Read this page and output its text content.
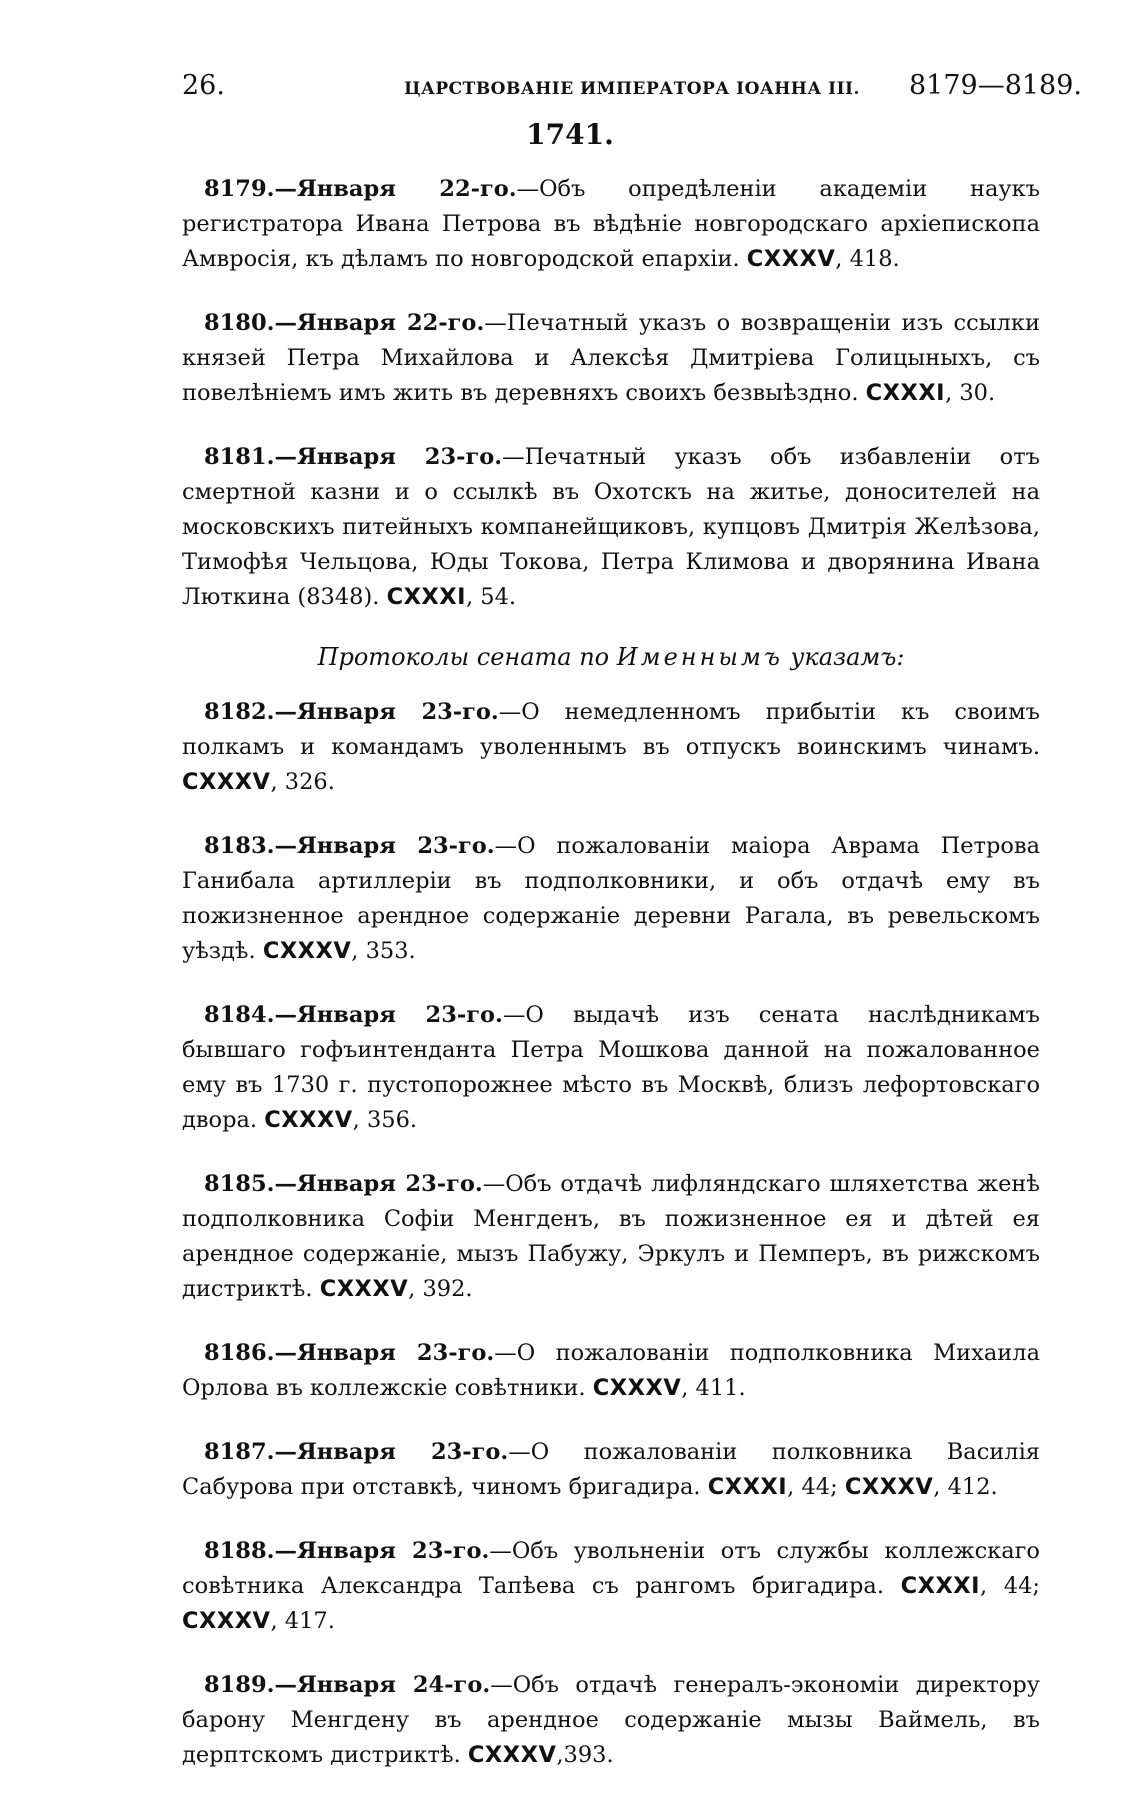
26.	ЦАРСТВОВАНІЕ ИМПЕРАТОРА ІОАННА III.	8179—8189.
1741.

8179.—Января 22-го.—Объ опредѣленіи академіи наукъ регистратора Ивана Петрова въ вѣдѣніе новгородскаго архіепископа Амвросія, къ дѣламъ по новгородской епархіи. CXXXV, 418.

8180.—Января 22-го.—Печатный указъ о возвращеніи изъ ссылки князей Петра Михайлова и Алексѣя Дмитріева Голицыныхъ, съ повелѣніемъ имъ жить въ деревняхъ своихъ безвыѣздно. CXXXI, 30.

8181.—Января 23-го.—Печатный указъ объ избавленіи отъ смертной казни и о ссылкѣ въ Охотскъ на житье, доносителей на московскихъ питейныхъ компанейщиковъ, купцовъ Дмитрія Желѣзова, Тимофѣя Чельцова, Юды Токова, Петра Климова и дворянина Ивана Люткина (8348). CXXXI, 54.

Протоколы сената по Именнымъ указамъ:

8182.—Января 23-го.—О немедленномъ прибытіи къ своимъ полкамъ и командамъ уволеннымъ въ отпускъ воинскимъ чинамъ. CXXXV, 326.

8183.—Января 23-го.—О пожалованіи маіора Аврама Петрова Ганибала артиллеріи въ подполковники, и объ отдачѣ ему въ пожизненное арендное содержаніе деревни Рагала, въ ревельскомъ уѣздѣ. CXXXV, 353.

8184.—Января 23-го.—О выдачѣ изъ сената наслѣдникамъ бывшаго гофъинтенданта Петра Мошкова данной на пожалованное ему въ 1730 г. пустопорожнее мѣсто въ Москвѣ, близъ лефортовскаго двора. CXXXV, 356.

8185.—Января 23-го.—Объ отдачѣ лифляндскаго шляхетства женѣ подполковника Софіи Менгденъ, въ пожизненное ея и дѣтей ея арендное содержаніе, мызъ Пабужу, Эркулъ и Пемперъ, въ рижскомъ дистриктѣ. CXXXV, 392.

8186.—Января 23-го.—О пожалованіи подполковника Михаила Орлова въ коллежскіе совѣтники. CXXXV, 411.

8187.—Января 23-го.—О пожалованіи полковника Василія Сабурова при отставкѣ, чиномъ бригадира. CXXXI, 44; CXXXV, 412.

8188.—Января 23-го.—Объ увольненіи отъ службы коллежскаго совѣтника Александра Тапѣева съ рангомъ бригадира. CXXXI, 44; CXXXV, 417.

8189.—Января 24-го.—Объ отдачѣ генералъ-экономіи директору барону Менгдену въ арендное содержаніе мызы Ваймель, въ дерптскомъ дистриктѣ. CXXXV,393.
